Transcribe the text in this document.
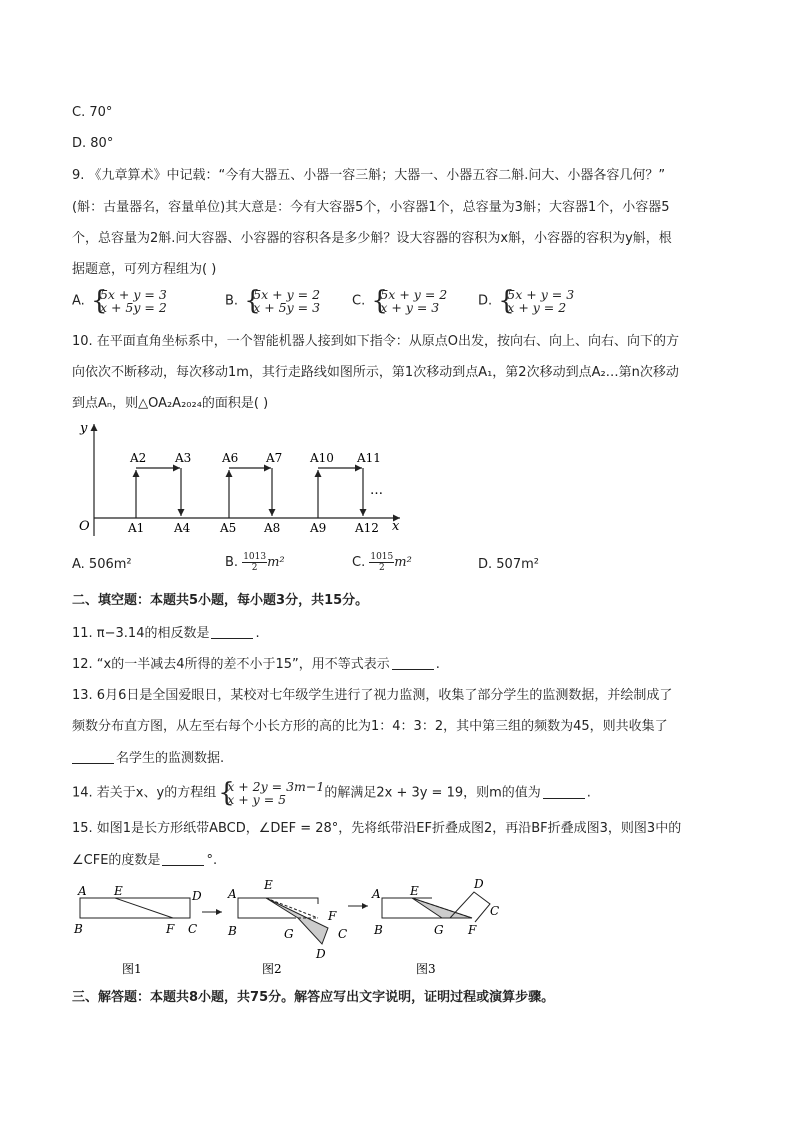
C. 70°
D. 80°
9. 《九章算术》中记载：“今有大器五、小器一容三斛；大器一、小器五容二斛.问大、小器各容几何？”
(斛：古量器名，容量单位)其大意是：今有大容器5个，小容器1个，总容量为3斛；大容器1个，小容器5
个，总容量为2斛.问大容器、小容器的容积各是多少斛？设大容器的容积为x斛，小容器的容积为y斛，根
据题意，可列方程组为( )
A. {
5x + y = 3
x + 5y = 2	B. {
5x + y = 2
x + 5y = 3 C. {
5x + y = 2
x + y = 3	D. {
5x + y = 3
x + y = 2
10. 在平面直角坐标系中，一个智能机器人接到如下指令：从原点O出发，按向右、向上、向右、向下的方
向依次不断移动，每次移动1m，其行走路线如图所示，第1次移动到点A₁，第2次移动到点A₂…第n次移动
到点Aₙ，则△OA₂A₂₀₂₄的面积是( )
y
x
O
…
A2 A3	A6 A7 A10 A11
A1 A4 A5 A8 A9 A12
A. 506m²	B. $\frac{1013}{2} m^2$	C. $\frac{1015}{2} m^2$	D. 507m²
二、填空题：本题共5小题，每小题3分，共15分。
11. π−3.14的相反数是	.
12. “x的一半减去4所得的差不小于15”，用不等式表示	.
13. 6月6日是全国爱眼日，某校对七年级学生进行了视力监测，收集了部分学生的监测数据，并绘制成了
频数分布直方图，从左至右每个小长方形的高的比为1：4：3：2，其中第三组的频数为45，则共收集了
名学生的监测数据.
14. 若关于x、y的方程组 {
x + 2y = 3m−1
x + y = 5	的解满足2x + 3y = 19，则m的值为	.
15. 如图1是长方形纸带ABCD，∠DEF = 28°，先将纸带沿EF折叠成图2，再沿BF折叠成图3，则图3中的
∠CFE的度数是	°.
A E	D
B	F C
图1
A
E
F
B	G	C
D
图2
A E	D
C
B	G F
图3
三、解答题：本题共8小题，共75分。解答应写出文字说明，证明过程或演算步骤。
